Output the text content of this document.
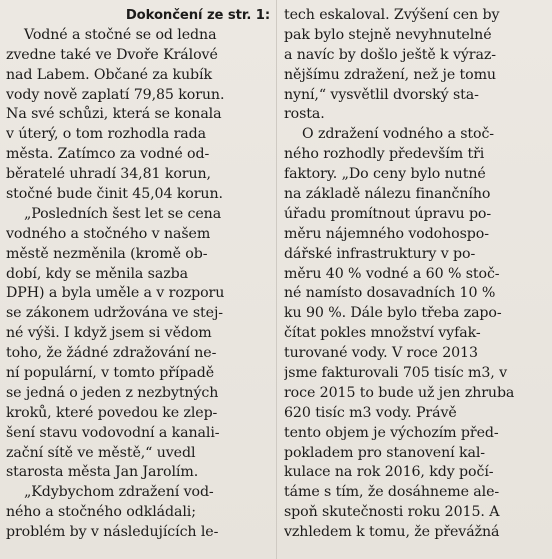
Dokončení ze str. 1:
Vodné a stočné se od ledna
zvedne také ve Dvoře Králové
nad Labem. Občané za kubík
vody nově zaplatí 79,85 korun.
Na své schůzi, která se konala
v úterý, o tom rozhodla rada
města. Zatímco za vodné od-
běratelé uhradí 34,81 korun,
stočné bude činit 45,04 korun.
„Posledních šest let se cena
vodného a stočného v našem
městě nezměnila (kromě ob-
dobí, kdy se měnila sazba
DPH) a byla uměle a v rozporu
se zákonem udržována ve stej-
né výši. I když jsem si vědom
toho, že žádné zdražování ne-
ní populární, v tomto případě
se jedná o jeden z nezbytných
kroků, které povedou ke zlep-
šení stavu vodovodní a kanali-
zační sítě ve městě,“ uvedl
starosta města Jan Jarolím.
„Kdybychom zdražení vod-
ného a stočného odkládali;
problém by v následujících le-
tech eskaloval. Zvýšení cen by
pak bylo stejně nevyhnutelné
a navíc by došlo ještě k výraz-
nějšímu zdražení, než je tomu
nyní,“ vysvětlil dvorský sta-
rosta.
O zdražení vodného a stoč-
ného rozhodly především tři
faktory. „Do ceny bylo nutné
na základě nálezu finančního
úřadu promítnout úpravu po-
měru nájemného vodohospo-
dářské infrastruktury v po-
měru 40 % vodné a 60 % stoč-
né namísto dosavadních 10 %
ku 90 %. Dále bylo třeba zapo-
čítat pokles množství vyfak-
turované vody. V roce 2013
jsme fakturovali 705 tisíc m3, v
roce 2015 to bude už jen zhruba
620 tisíc m3 vody. Právě
tento objem je výchozím před-
pokladem pro stanovení kal-
kulace na rok 2016, kdy počí-
táme s tím, že dosáhneme ale-
spoň skutečnosti roku 2015. A
vzhledem k tomu, že převážná
